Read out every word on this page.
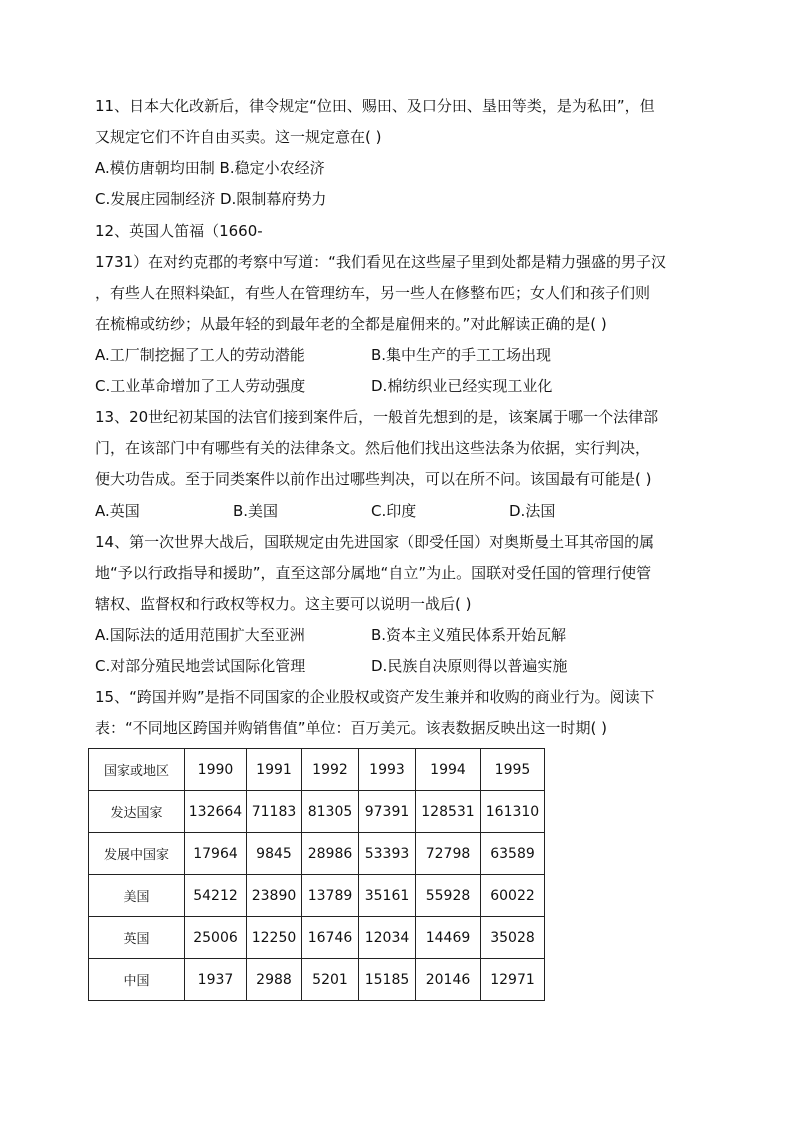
11、日本大化改新后，律令规定“位田、赐田、及口分田、垦田等类，是为私田”，但
又规定它们不许自由买卖。这一规定意在( )
A.模仿唐朝均田制 B.稳定小农经济
C.发展庄园制经济 D.限制幕府势力
12、英国人笛福（1660-
1731）在对约克郡的考察中写道：“我们看见在这些屋子里到处都是精力强盛的男子汉
，有些人在照料染缸，有些人在管理纺车，另一些人在修整布匹；女人们和孩子们则
在梳棉或纺纱；从最年轻的到最年老的全都是雇佣来的。”对此解读正确的是( )
A.工厂制挖掘了工人的劳动潜能	B.集中生产的手工工场出现
C.工业革命增加了工人劳动强度	D.棉纺织业已经实现工业化
13、20世纪初某国的法官们接到案件后，一般首先想到的是，该案属于哪一个法律部
门，在该部门中有哪些有关的法律条文。然后他们找出这些法条为依据，实行判决，
便大功告成。至于同类案件以前作出过哪些判决，可以在所不问。该国最有可能是( )
A.英国	B.美国	C.印度	D.法国
14、第一次世界大战后，国联规定由先进国家（即受任国）对奥斯曼土耳其帝国的属
地“予以行政指导和援助”，直至这部分属地“自立”为止。国联对受任国的管理行使管
辖权、监督权和行政权等权力。这主要可以说明一战后( )
A.国际法的适用范围扩大至亚洲	B.资本主义殖民体系开始瓦解
C.对部分殖民地尝试国际化管理	D.民族自决原则得以普遍实施
15、“跨国并购”是指不同国家的企业股权或资产发生兼并和收购的商业行为。阅读下
表：“不同地区跨国并购销售值”单位：百万美元。该表数据反映出这一时期( )
国家或地区	1990	1991	1992	1993	1994	1995
发达国家	132664	71183	81305	97391	128531	161310
发展中国家	17964	9845	28986	53393	72798	63589
美国	54212	23890	13789	35161	55928	60022
英国	25006	12250	16746	12034	14469	35028
中国	1937	2988	5201	15185	20146	12971
